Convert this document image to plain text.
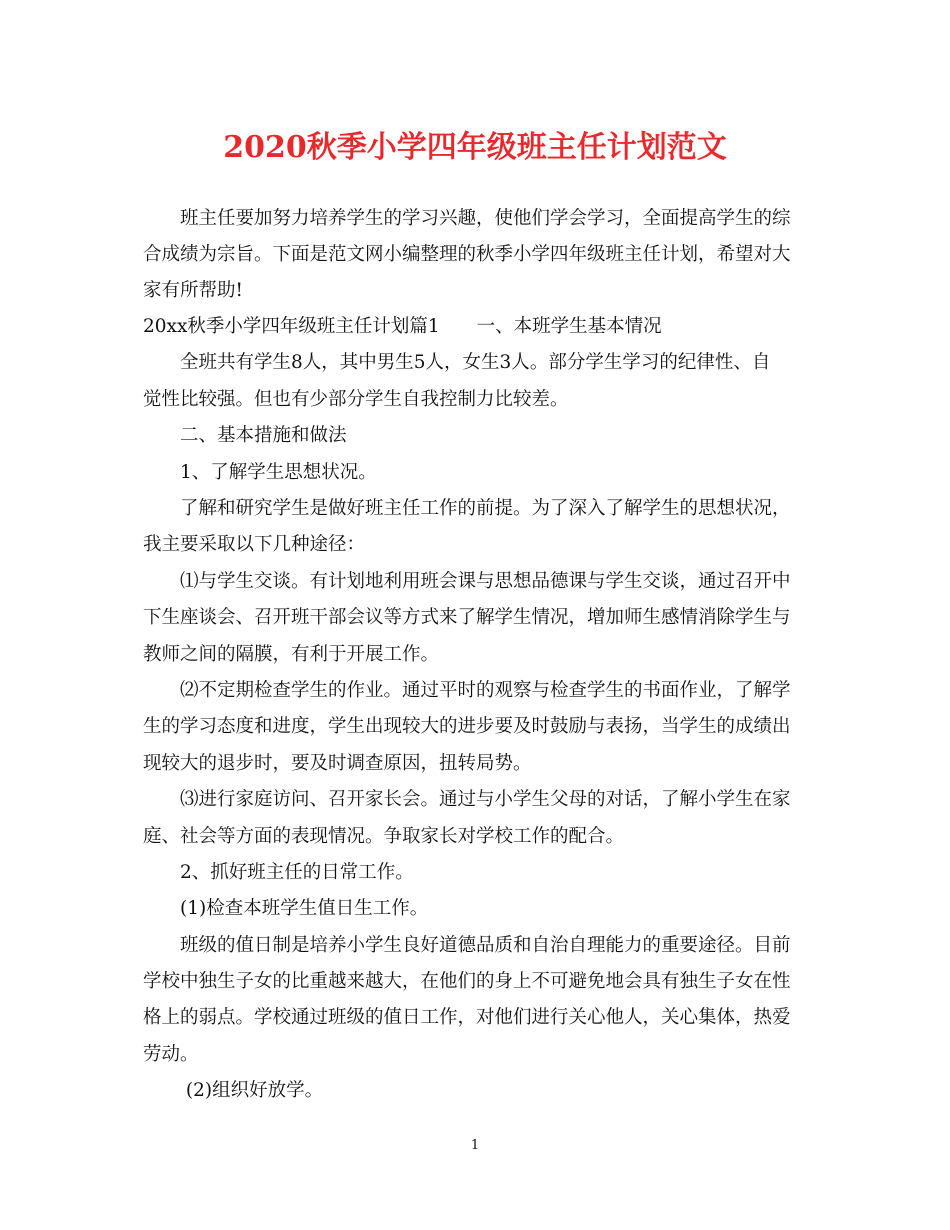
2020秋季小学四年级班主任计划范文
　　班主任要加努力培养学生的学习兴趣，使他们学会学习，全面提高学生的综
合成绩为宗旨。下面是范文网小编整理的秋季小学四年级班主任计划，希望对大
家有所帮助!
20xx秋季小学四年级班主任计划篇1　　一、本班学生基本情况
　　全班共有学生8人，其中男生5人，女生3人。部分学生学习的纪律性、自
觉性比较强。但也有少部分学生自我控制力比较差。
　　二、基本措施和做法
　　1、了解学生思想状况。
　　了解和研究学生是做好班主任工作的前提。为了深入了解学生的思想状况，
我主要采取以下几种途径：
　　⑴与学生交谈。有计划地利用班会课与思想品德课与学生交谈，通过召开中
下生座谈会、召开班干部会议等方式来了解学生情况，增加师生感情消除学生与
教师之间的隔膜，有利于开展工作。
　　⑵不定期检查学生的作业。通过平时的观察与检查学生的书面作业，了解学
生的学习态度和进度，学生出现较大的进步要及时鼓励与表扬，当学生的成绩出
现较大的退步时，要及时调查原因，扭转局势。
　　⑶进行家庭访问、召开家长会。通过与小学生父母的对话，了解小学生在家
庭、社会等方面的表现情况。争取家长对学校工作的配合。
　　2、抓好班主任的日常工作。
　　(1)检查本班学生值日生工作。
　　班级的值日制是培养小学生良好道德品质和自治自理能力的重要途径。目前
学校中独生子女的比重越来越大，在他们的身上不可避免地会具有独生子女在性
格上的弱点。学校通过班级的值日工作，对他们进行关心他人，关心集体，热爱
劳动。
　　 (2)组织好放学。
1
